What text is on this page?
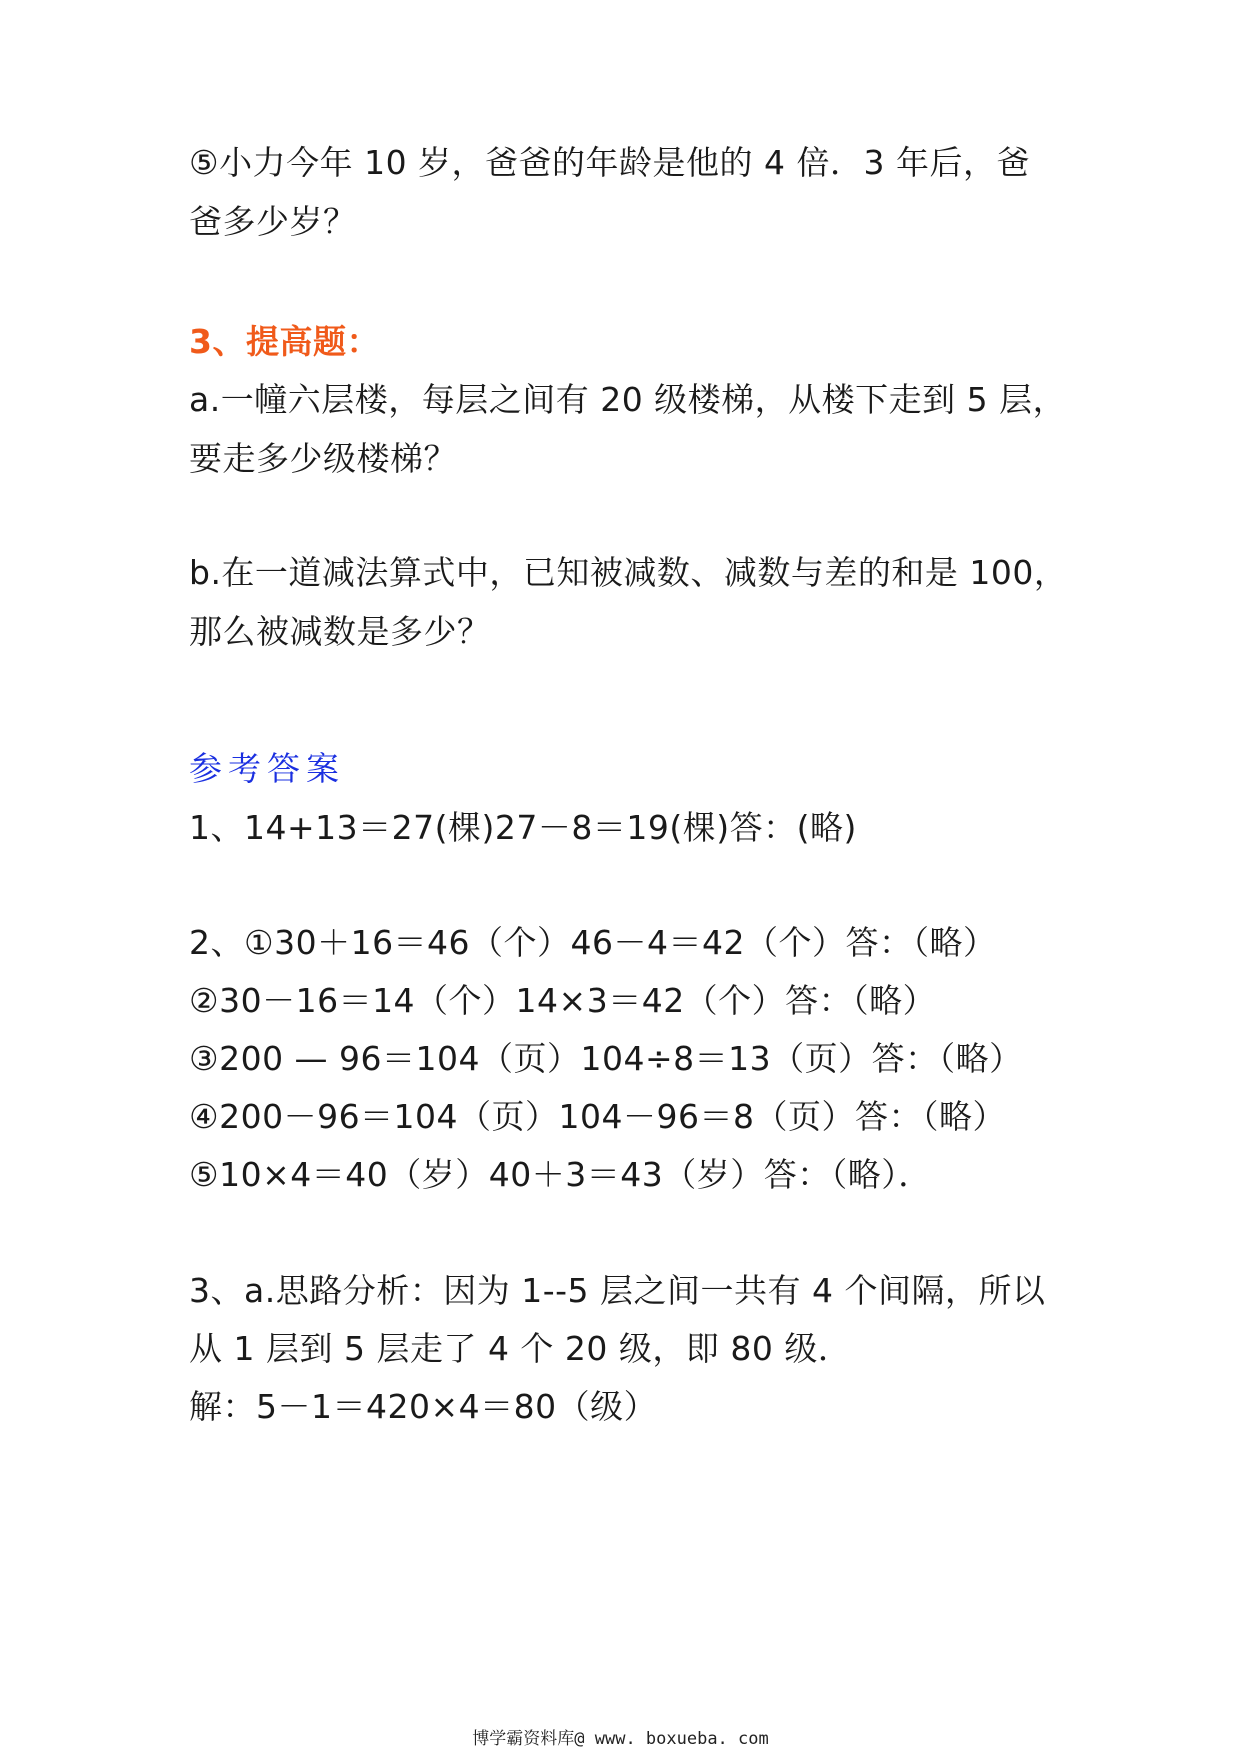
⑤小力今年 10 岁，爸爸的年龄是他的 4 倍．3 年后，爸
爸多少岁？
3、提高题：
a.一幢六层楼，每层之间有 20 级楼梯，从楼下走到 5 层，
要走多少级楼梯？
b.在一道减法算式中，已知被减数、减数与差的和是 100，
那么被减数是多少？
参考答案
1、14+13＝27(棵)27－8＝19(棵)答：(略)
2、①30＋16＝46（个）46－4＝42（个）答：（略）
②30－16＝14（个）14×3＝42（个）答：（略）
③200 — 96＝104（页）104÷8＝13（页）答：（略）
④200－96＝104（页）104－96＝8（页）答：（略）
⑤10×4＝40（岁）40＋3＝43（岁）答：（略）．
3、a.思路分析：因为 1--5 层之间一共有 4 个间隔，所以
从 1 层到 5 层走了 4 个 20 级，即 80 级．
解：5－1＝420×4＝80（级）
博学霸资料库@ www. boxueba. com
